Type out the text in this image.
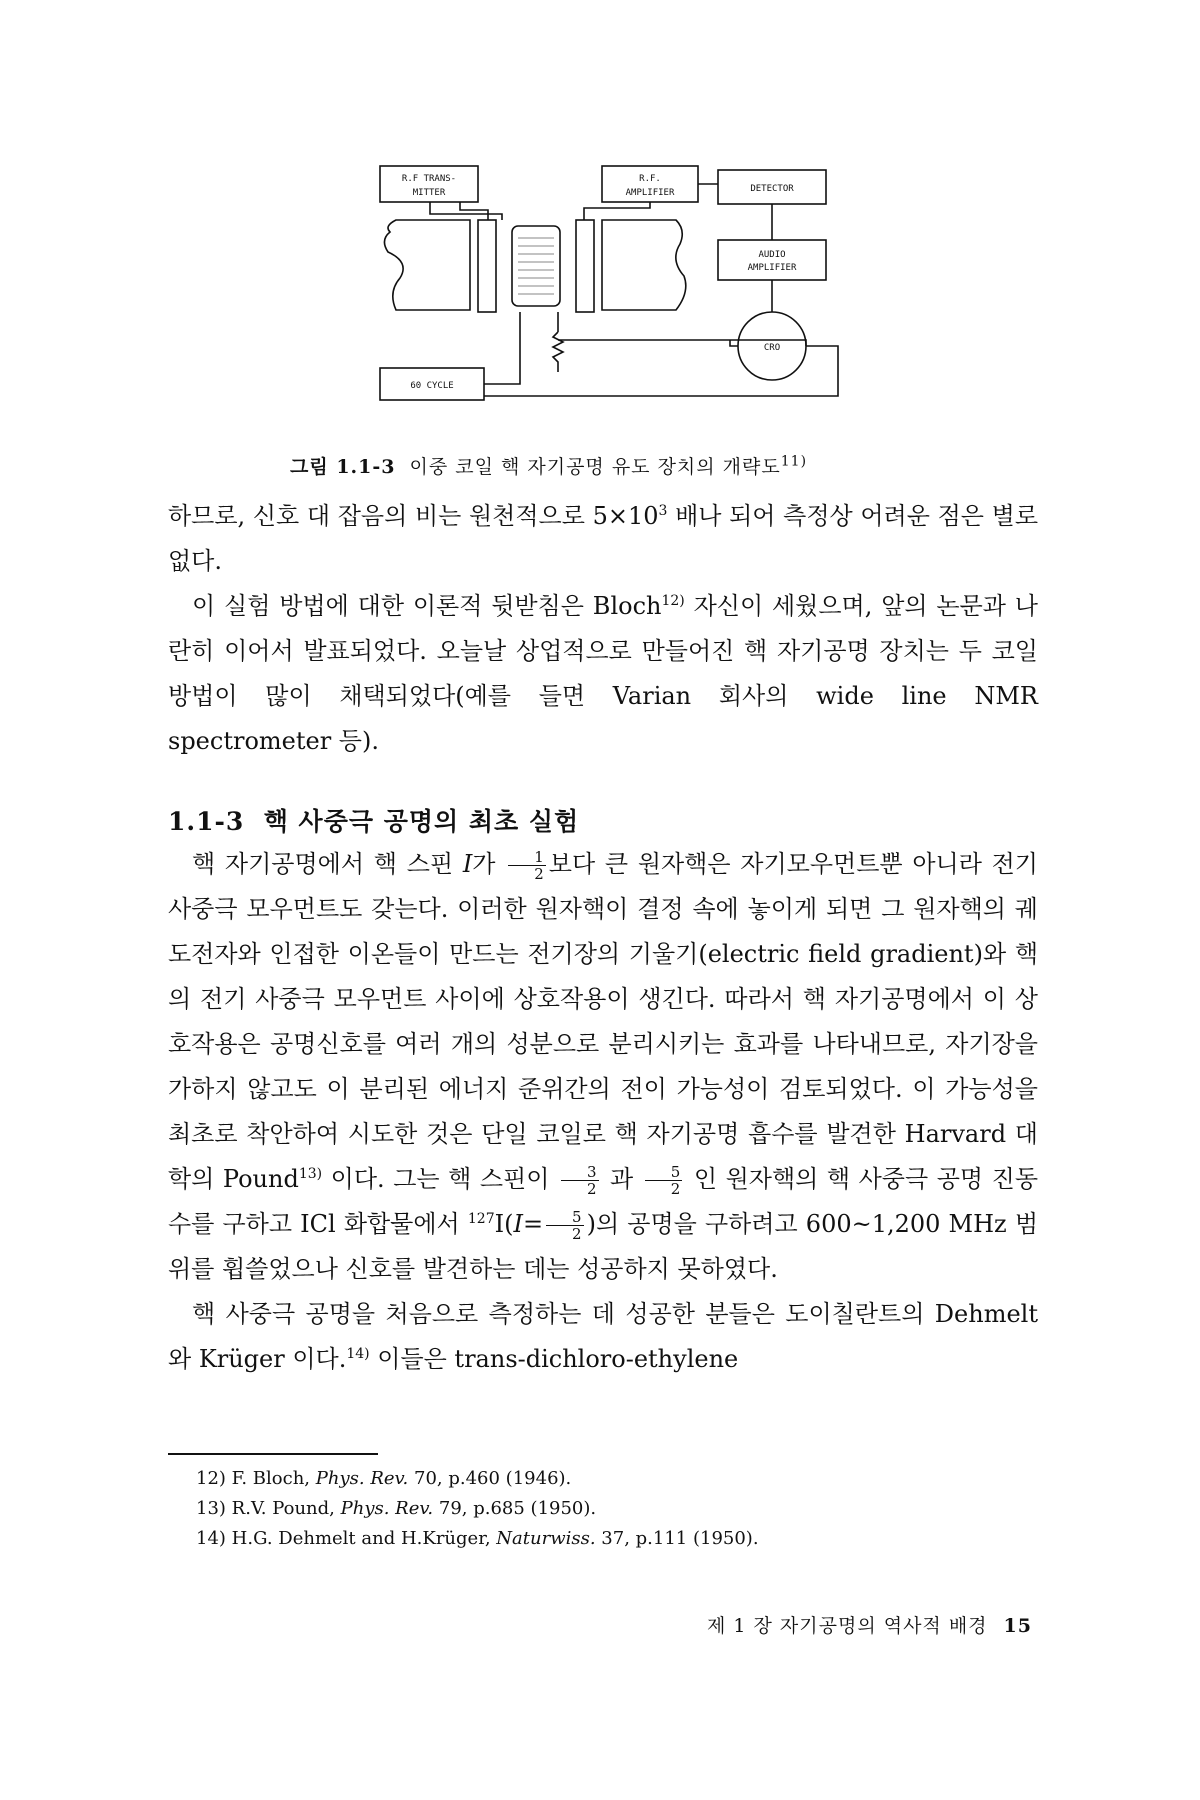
R.F TRANS-
MITTER
R.F.
AMPLIFIER	DETECTOR
AUDIO
AMPLIFIER
CRO
60 CYCLE
그림 1.1-3 이중 코일 핵 자기공명 유도 장치의 개략도$^{11)}$

하므로, 신호 대 잡음의 비는 원천적으로 $5\times 10^3$ 배나 되어 측정상 어려운 점은 별로 없다.

이 실험 방법에 대한 이론적 뒷받침은 Bloch$^{12)}$ 자신이 세웠으며, 앞의 논문과 나란히 이어서 발표되었다. 오늘날 상업적으로 만들어진 핵 자기공명 장치는 두 코일 방법이 많이 채택되었다(예를 들면 Varian 회사의 wide line NMR spectrometer 등).

1.1-3 핵 사중극 공명의 최초 실험

핵 자기공명에서 핵 스핀 I가 $\frac{1}{2}$ 보다 큰 원자핵은 자기모우먼트뿐 아니라 전기 사중극 모우먼트도 갖는다. 이러한 원자핵이 결정 속에 놓이게 되면 그 원자핵의 궤도전자와 인접한 이온들이 만드는 전기장의 기울기(electric field gradient)와 핵의 전기 사중극 모우먼트 사이에 상호작용이 생긴다. 따라서 핵 자기공명에서 이 상호작용은 공명신호를 여러 개의 성분으로 분리시키는 효과를 나타내므로, 자기장을 가하지 않고도 이 분리된 에너지 준위간의 전이 가능성이 검토되었다. 이 가능성을 최초로 착안하여 시도한 것은 단일 코일로 핵 자기공명 흡수를 발견한 Harvard 대학의 Pound$^{13)}$ 이다. 그는 핵 스핀이 $\frac{3}{2}$ 과 $\frac{5}{2}$ 인 원자핵의 핵 사중극 공명 진동수를 구하고 ICl 화합물에서 $^{127}I(I= \frac{5}{2}$ )의 공명을 구하려고 600~1,200 MHz 범위를 휩쓸었으나 신호를 발견하는 데는 성공하지 못하였다.

핵 사중극 공명을 처음으로 측정하는 데 성공한 분들은 도이칠란트의 Dehmelt 와 Krüger 이다.$^{14)}$ 이들은 trans-dichloro-ethylene

12) F. Bloch, Phys. Rev. 70, p.460 (1946).
13) R.V. Pound, Phys. Rev. 79, p.685 (1950).
14) H.G. Dehmelt and H.Krüger, Naturwiss. 37, p.111 (1950).
제 1 장 자기공명의 역사적 배경 15
